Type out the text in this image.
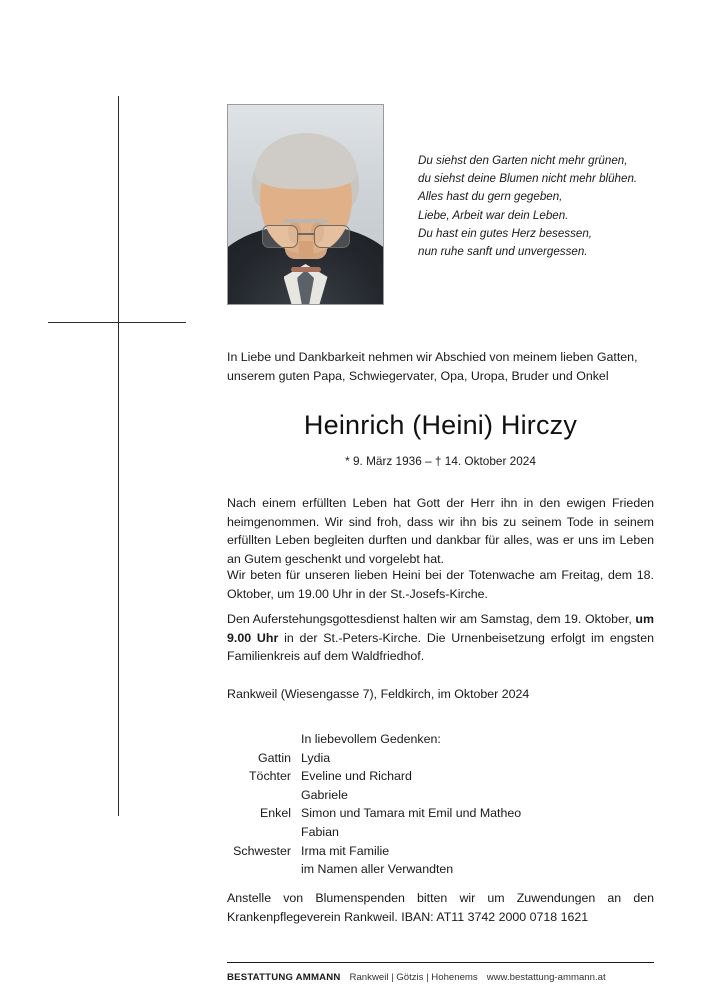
Du siehst den Garten nicht mehr grünen,
du siehst deine Blumen nicht mehr blühen.
Alles hast du gern gegeben,
Liebe, Arbeit war dein Leben.
Du hast ein gutes Herz besessen,
nun ruhe sanft und unvergessen.
In Liebe und Dankbarkeit nehmen wir Abschied von meinem lieben Gatten, unserem guten Papa, Schwiegervater, Opa, Uropa, Bruder und Onkel
Heinrich (Heini) Hirczy
* 9. März 1936 – † 14. Oktober 2024
Nach einem erfüllten Leben hat Gott der Herr ihn in den ewigen Frieden heimgenommen. Wir sind froh, dass wir ihn bis zu seinem Tode in seinem erfüllten Leben begleiten durften und dankbar für alles, was er uns im Leben an Gutem geschenkt und vorgelebt hat.
Wir beten für unseren lieben Heini bei der Totenwache am Freitag, dem 18. Oktober, um 19.00 Uhr in der St.-Josefs-Kirche.
Den Auferstehungsgottesdienst halten wir am Samstag, dem 19. Oktober, um 9.00 Uhr in der St.-Peters-Kirche. Die Urnenbeisetzung erfolgt im engsten Familienkreis auf dem Waldfriedhof.
Rankweil (Wiesengasse 7), Feldkirch, im Oktober 2024
In liebevollem Gedenken:
Gattin Lydia
Töchter Eveline und Richard
Gabriele
Enkel Simon und Tamara mit Emil und Matheo
Fabian
Schwester Irma mit Familie
im Namen aller Verwandten
Anstelle von Blumenspenden bitten wir um Zuwendungen an den Krankenpflegeverein Rankweil. IBAN: AT11 3742 2000 0718 1621
BESTATTUNG AMMANN Rankweil | Götzis | Hohenems www.bestattung-ammann.at
